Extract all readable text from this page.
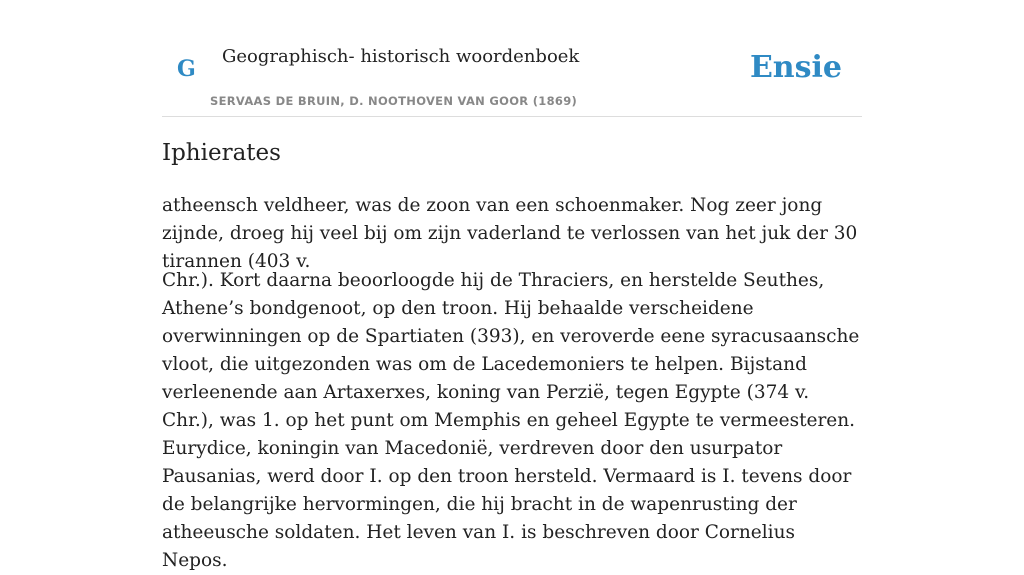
G Geographisch- historisch woordenboek
SERVAAS DE BRUIN, D. NOOTHOVEN VAN GOOR (1869)
Ensie
Iphierates

atheensch veldheer, was de zoon van een schoenmaker. Nog zeer jong zijnde, droeg hij veel bij om zijn vaderland te verlossen van het juk der 30 tirannen (403 v.

Chr.). Kort daarna beoorloogde hij de Thraciers, en herstelde Seuthes, Athene’s bondgenoot, op den troon. Hij behaalde verscheidene overwinningen op de Spartiaten (393), en veroverde eene syracusaansche vloot, die uitgezonden was om de Lacedemoniers te helpen. Bijstand verleenende aan Artaxerxes, koning van Perzië, tegen Egypte (374 v. Chr.), was 1. op het punt om Memphis en geheel Egypte te vermeesteren. Eurydice, koningin van Macedonië, verdreven door den usurpator Pausanias, werd door I. op den troon hersteld. Vermaard is I. tevens door de belangrijke hervormingen, die hij bracht in de wapenrusting der atheeusche soldaten. Het leven van I. is beschreven door Cornelius Nepos.
